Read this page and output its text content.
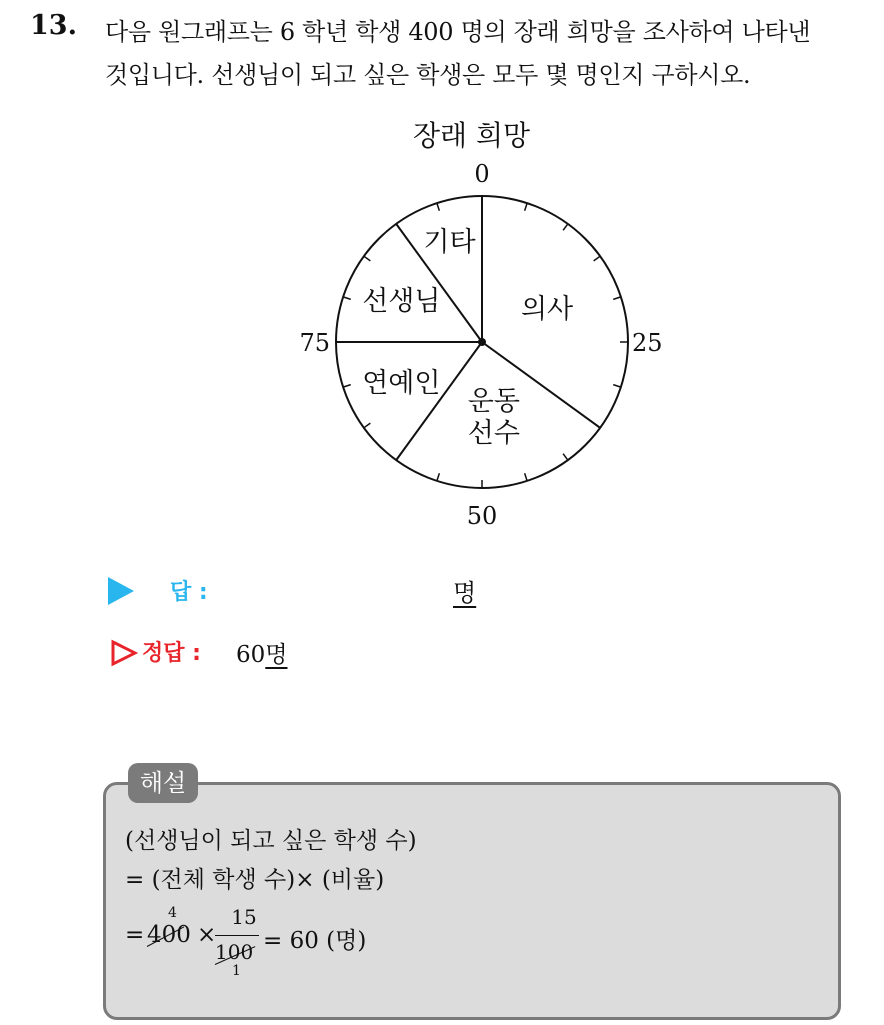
13. 다음 원그래프는 6 학년 학생 400 명의 장래 희망을 조사하여 나타낸
것입니다. 선생님이 되고 싶은 학생은 모두 몇 명인지 구하시오.
장래 희망
0
25
50
75
의사
운동
선수
연예인
선생님
기타
답 :	명
정답 : 60명
해설
(선생님이 되고 싶은 학생 수)
= (전체 학생 수)× (비율)
= 400
4
×
15
100
1
= 60 (명)
